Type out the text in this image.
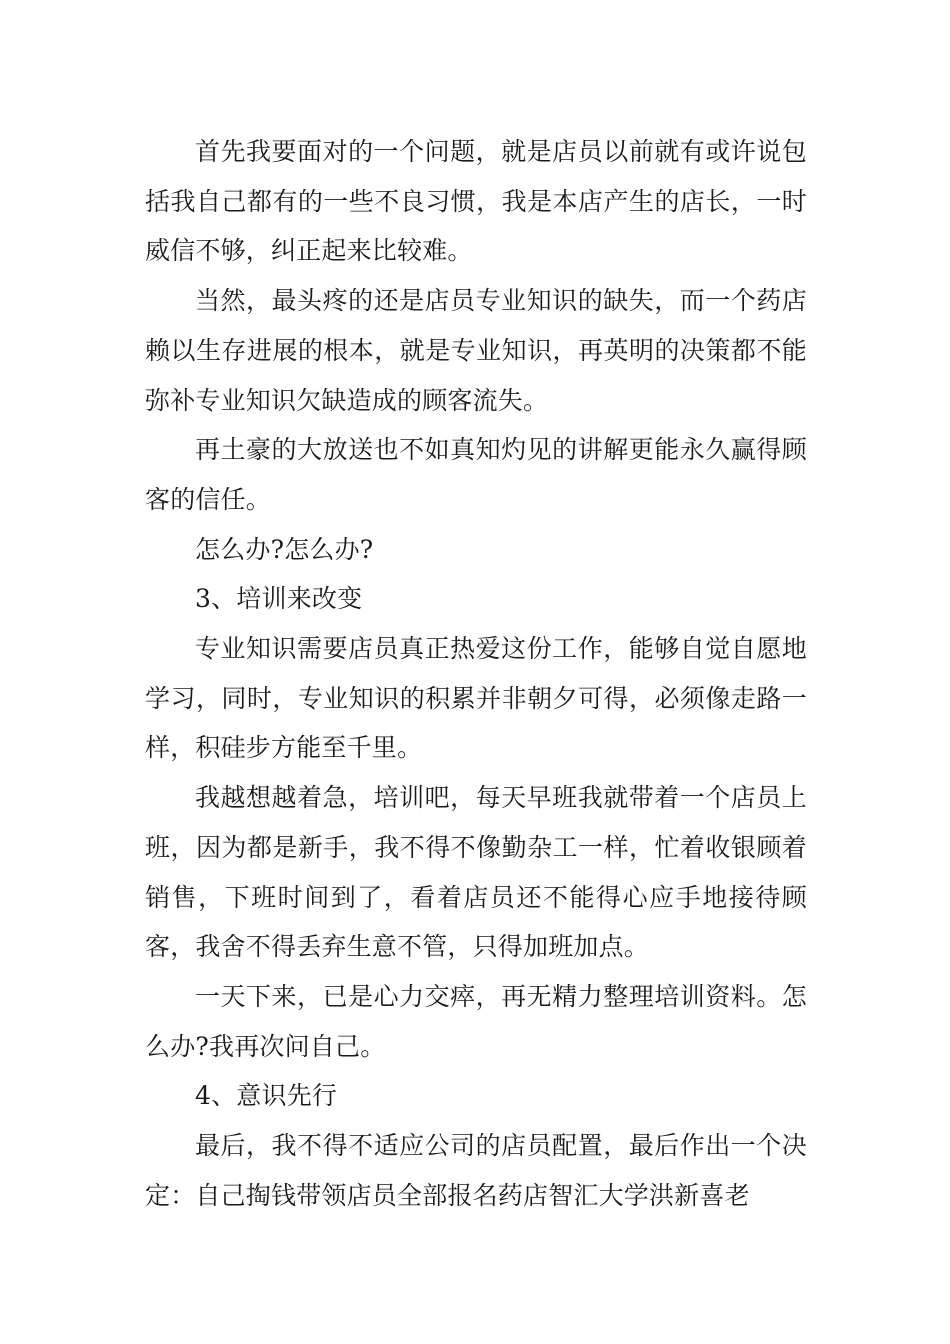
首先我要面对的一个问题，就是店员以前就有或许说包括我自己都有的一些不良习惯，我是本店产生的店长，一时威信不够，纠正起来比较难。

当然，最头疼的还是店员专业知识的缺失，而一个药店赖以生存进展的根本，就是专业知识，再英明的决策都不能弥补专业知识欠缺造成的顾客流失。

再土豪的大放送也不如真知灼见的讲解更能永久赢得顾客的信任。

怎么办?怎么办?

3、培训来改变

专业知识需要店员真正热爱这份工作，能够自觉自愿地学习，同时，专业知识的积累并非朝夕可得，必须像走路一样，积硅步方能至千里。

我越想越着急，培训吧，每天早班我就带着一个店员上班，因为都是新手，我不得不像勤杂工一样，忙着收银顾着销售，下班时间到了，看着店员还不能得心应手地接待顾客，我舍不得丢弃生意不管，只得加班加点。

一天下来，已是心力交瘁，再无精力整理培训资料。怎么办?我再次问自己。

4、意识先行

最后，我不得不适应公司的店员配置，最后作出一个决定：自己掏钱带领店员全部报名药店智汇大学洪新喜老
